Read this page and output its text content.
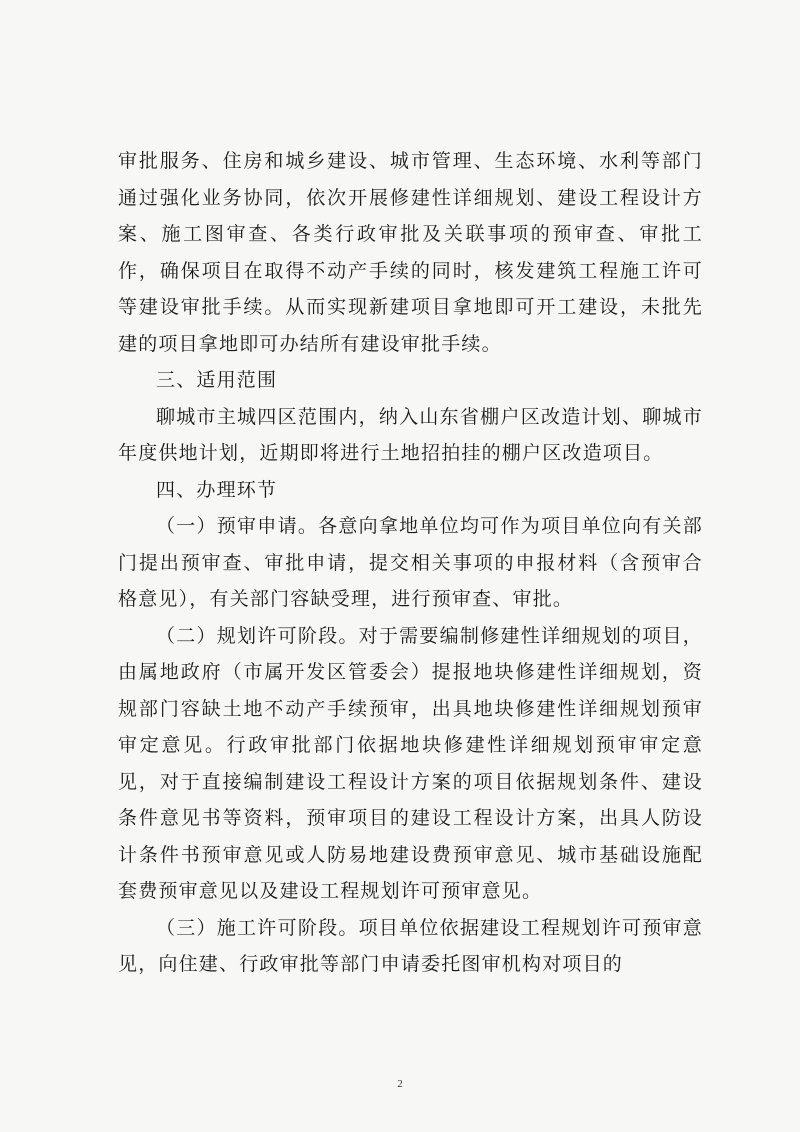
审批服务、住房和城乡建设、城市管理、生态环境、水利等部门通过强化业务协同，依次开展修建性详细规划、建设工程设计方案、施工图审查、各类行政审批及关联事项的预审查、审批工作，确保项目在取得不动产手续的同时，核发建筑工程施工许可等建设审批手续。从而实现新建项目拿地即可开工建设，未批先建的项目拿地即可办结所有建设审批手续。

三、适用范围

聊城市主城四区范围内，纳入山东省棚户区改造计划、聊城市年度供地计划，近期即将进行土地招拍挂的棚户区改造项目。

四、办理环节

（一）预审申请。各意向拿地单位均可作为项目单位向有关部门提出预审查、审批申请，提交相关事项的申报材料（含预审合格意见），有关部门容缺受理，进行预审查、审批。

（二）规划许可阶段。对于需要编制修建性详细规划的项目，由属地政府（市属开发区管委会）提报地块修建性详细规划，资规部门容缺土地不动产手续预审，出具地块修建性详细规划预审审定意见。行政审批部门依据地块修建性详细规划预审审定意见，对于直接编制建设工程设计方案的项目依据规划条件、建设条件意见书等资料，预审项目的建设工程设计方案，出具人防设计条件书预审意见或人防易地建设费预审意见、城市基础设施配套费预审意见以及建设工程规划许可预审意见。

（三）施工许可阶段。项目单位依据建设工程规划许可预审意见，向住建、行政审批等部门申请委托图审机构对项目的

2
